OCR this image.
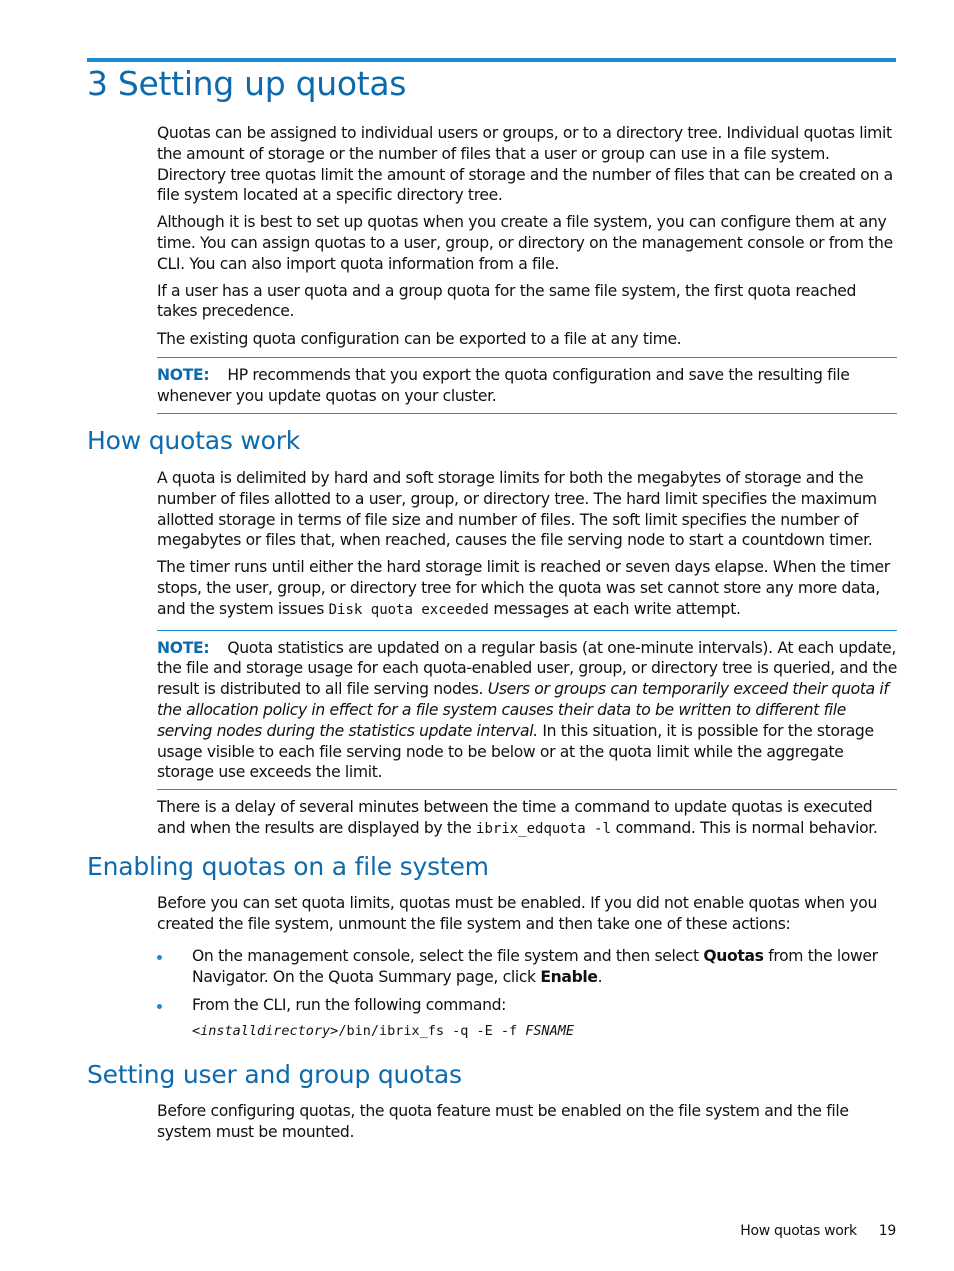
3 Setting up quotas

Quotas can be assigned to individual users or groups, or to a directory tree. Individual quotas limit the amount of storage or the number of files that a user or group can use in a file system. Directory tree quotas limit the amount of storage and the number of files that can be created on a file system located at a specific directory tree.

Although it is best to set up quotas when you create a file system, you can configure them at any time. You can assign quotas to a user, group, or directory on the management console or from the CLI. You can also import quota information from a file.

If a user has a user quota and a group quota for the same file system, the first quota reached takes precedence.

The existing quota configuration can be exported to a file at any time.

NOTE: HP recommends that you export the quota configuration and save the resulting file whenever you update quotas on your cluster.

How quotas work

A quota is delimited by hard and soft storage limits for both the megabytes of storage and the number of files allotted to a user, group, or directory tree. The hard limit specifies the maximum allotted storage in terms of file size and number of files. The soft limit specifies the number of megabytes or files that, when reached, causes the file serving node to start a countdown timer.

The timer runs until either the hard storage limit is reached or seven days elapse. When the timer stops, the user, group, or directory tree for which the quota was set cannot store any more data, and the system issues Disk quota exceeded messages at each write attempt.

NOTE: Quota statistics are updated on a regular basis (at one-minute intervals). At each update, the file and storage usage for each quota-enabled user, group, or directory tree is queried, and the result is distributed to all file serving nodes. Users or groups can temporarily exceed their quota if the allocation policy in effect for a file system causes their data to be written to different file serving nodes during the statistics update interval. In this situation, it is possible for the storage usage visible to each file serving node to be below or at the quota limit while the aggregate storage use exceeds the limit.

There is a delay of several minutes between the time a command to update quotas is executed and when the results are displayed by the ibrix_edquota -l command. This is normal behavior.

Enabling quotas on a file system

Before you can set quota limits, quotas must be enabled. If you did not enable quotas when you created the file system, unmount the file system and then take one of these actions:

On the management console, select the file system and then select Quotas from the lower Navigator. On the Quota Summary page, click Enable.

From the CLI, run the following command:

<installdirectory>/bin/ibrix_fs -q -E -f FSNAME
Setting user and group quotas

Before configuring quotas, the quota feature must be enabled on the file system and the file system must be mounted.

How quotas work 19
